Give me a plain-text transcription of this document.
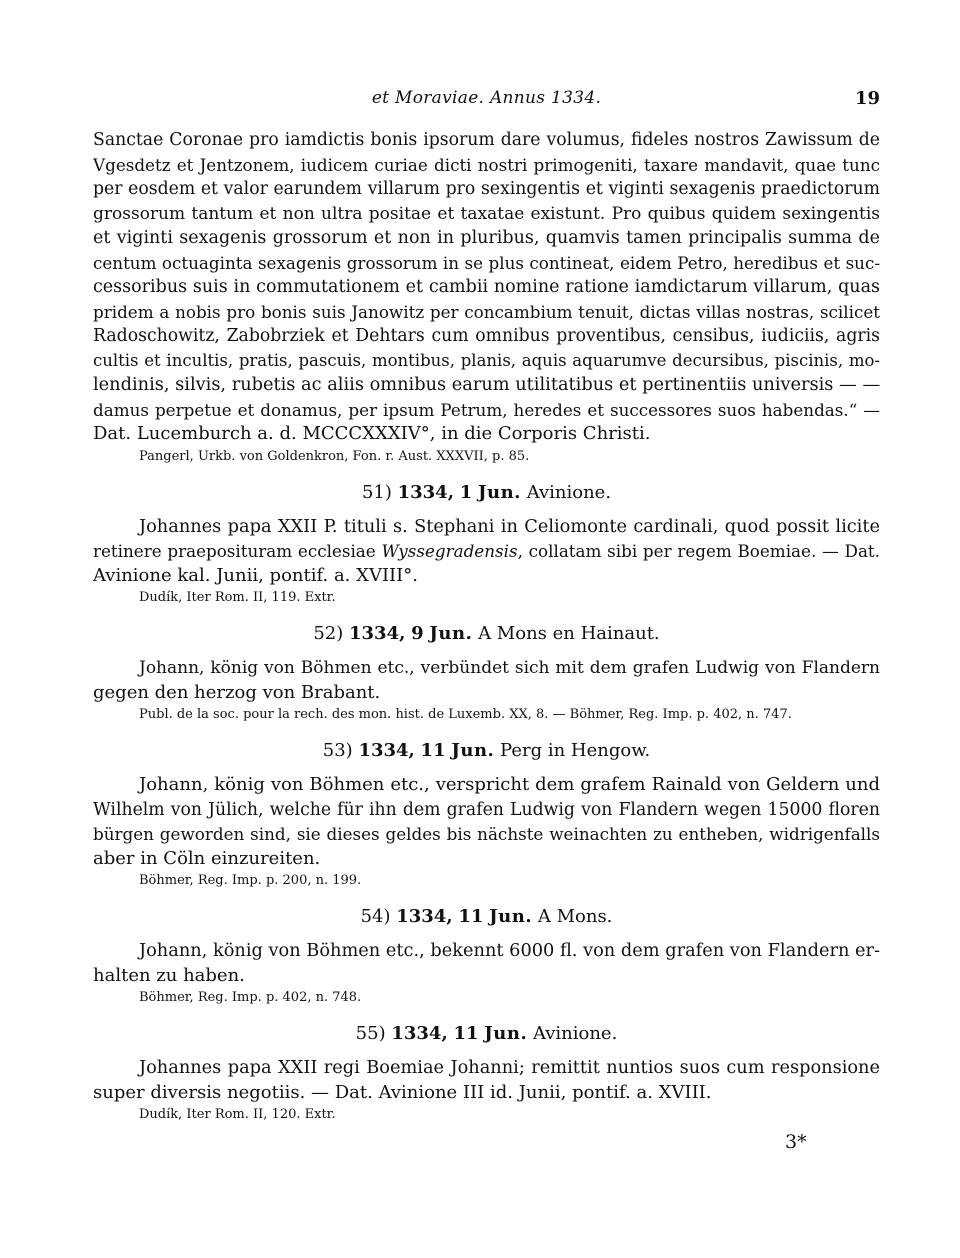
et Moraviae. Annus 1334.	19
Sanctae Coronae pro iamdictis bonis ipsorum dare volumus, fideles nostros Zawissum de
Vgesdetz et Jentzonem, iudicem curiae dicti nostri primogeniti, taxare mandavit, quae tunc
per eosdem et valor earundem villarum pro sexingentis et viginti sexagenis praedictorum
grossorum tantum et non ultra positae et taxatae existunt. Pro quibus quidem sexingentis
et viginti sexagenis grossorum et non in pluribus, quamvis tamen principalis summa de
centum octuaginta sexagenis grossorum in se plus contineat, eidem Petro, heredibus et suc-
cessoribus suis in commutationem et cambii nomine ratione iamdictarum villarum, quas
pridem a nobis pro bonis suis Janowitz per concambium tenuit, dictas villas nostras, scilicet
Radoschowitz, Zabobrziek et Dehtars cum omnibus proventibus, censibus, iudiciis, agris
cultis et incultis, pratis, pascuis, montibus, planis, aquis aquarumve decursibus, piscinis, mo-
lendinis, silvis, rubetis ac aliis omnibus earum utilitatibus et pertinentiis universis — —
damus perpetue et donamus, per ipsum Petrum, heredes et successores suos habendas.“ —
Dat. Lucemburch a. d. MCCCXXXIV°, in die Corporis Christi.
Pangerl, Urkb. von Goldenkron, Fon. r. Aust. XXXVII, p. 85.
51) 1334, 1 Jun. Avinione.
Johannes papa XXII P. tituli s. Stephani in Celiomonte cardinali, quod possit licite
retinere praeposituram ecclesiae Wyssegradensis, collatam sibi per regem Boemiae. — Dat.
Avinione kal. Junii, pontif. a. XVIII°.
Dudík, Iter Rom. II, 119. Extr.
52) 1334, 9 Jun. A Mons en Hainaut.
Johann, könig von Böhmen etc., verbündet sich mit dem grafen Ludwig von Flandern
gegen den herzog von Brabant.
Publ. de la soc. pour la rech. des mon. hist. de Luxemb. XX, 8. — Böhmer, Reg. Imp. p. 402, n. 747.
53) 1334, 11 Jun. Perg in Hengow.
Johann, könig von Böhmen etc., verspricht dem grafem Rainald von Geldern und
Wilhelm von Jülich, welche für ihn dem grafen Ludwig von Flandern wegen 15000 floren
bürgen geworden sind, sie dieses geldes bis nächste weinachten zu entheben, widrigenfalls
aber in Cöln einzureiten.
Böhmer, Reg. Imp. p. 200, n. 199.
54) 1334, 11 Jun. A Mons.
Johann, könig von Böhmen etc., bekennt 6000 fl. von dem grafen von Flandern er-
halten zu haben.
Böhmer, Reg. Imp. p. 402, n. 748.
55) 1334, 11 Jun. Avinione.
Johannes papa XXII regi Boemiae Johanni; remittit nuntios suos cum responsione
super diversis negotiis. — Dat. Avinione III id. Junii, pontif. a. XVIII.
Dudík, Iter Rom. II, 120. Extr.
3*
